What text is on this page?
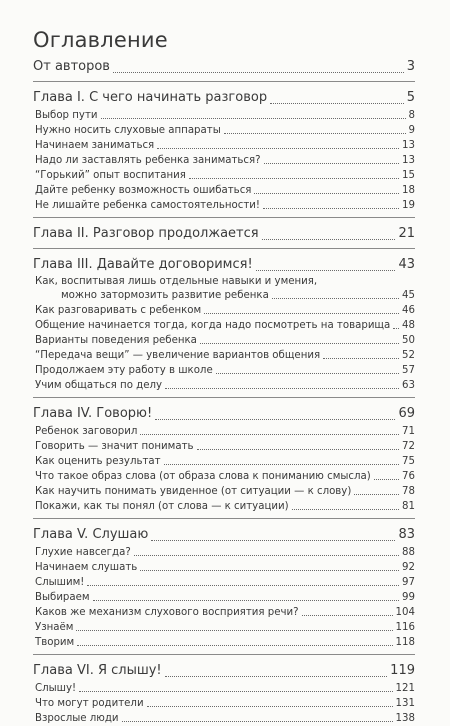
Оглавление
От авторов	3
Глава I. С чего начинать разговор	5
Выбор пути	8
Нужно носить слуховые аппараты	9
Начинаем заниматься	13
Надо ли заставлять ребенка заниматься?	13
“Горький” опыт воспитания	15
Дайте ребенку возможность ошибаться	18
Не лишайте ребенка самостоятельности!	19
Глава II. Разговор продолжается	21
Глава III. Давайте договоримся!	43
Как, воспитывая лишь отдельные навыки и умения,
можно затормозить развитие ребенка	45
Как разговаривать с ребенком	46
Общение начинается тогда, когда надо посмотреть на товарища 48
Варианты поведения ребенка	50
“Передача вещи” — увеличение вариантов общения	52
Продолжаем эту работу в школе	57
Учим общаться по делу	63
Глава IV. Говорю!	69
Ребенок заговорил	71
Говорить — значит понимать	72
Как оценить результат	75
Что такое образ слова (от образа слова к пониманию смысла)	76
Как научить понимать увиденное (от ситуации — к слову)	78
Покажи, как ты понял (от слова — к ситуации)	81
Глава V. Слушаю	83
Глухие навсегда?	88
Начинаем слушать	92
Слышим!	97
Выбираем	99
Каков же механизм слухового восприятия речи?	104
Узнаём	116
Творим	118
Глава VI. Я слышу!	119
Слышу!	121
Что могут родители	131
Взрослые люди	138
